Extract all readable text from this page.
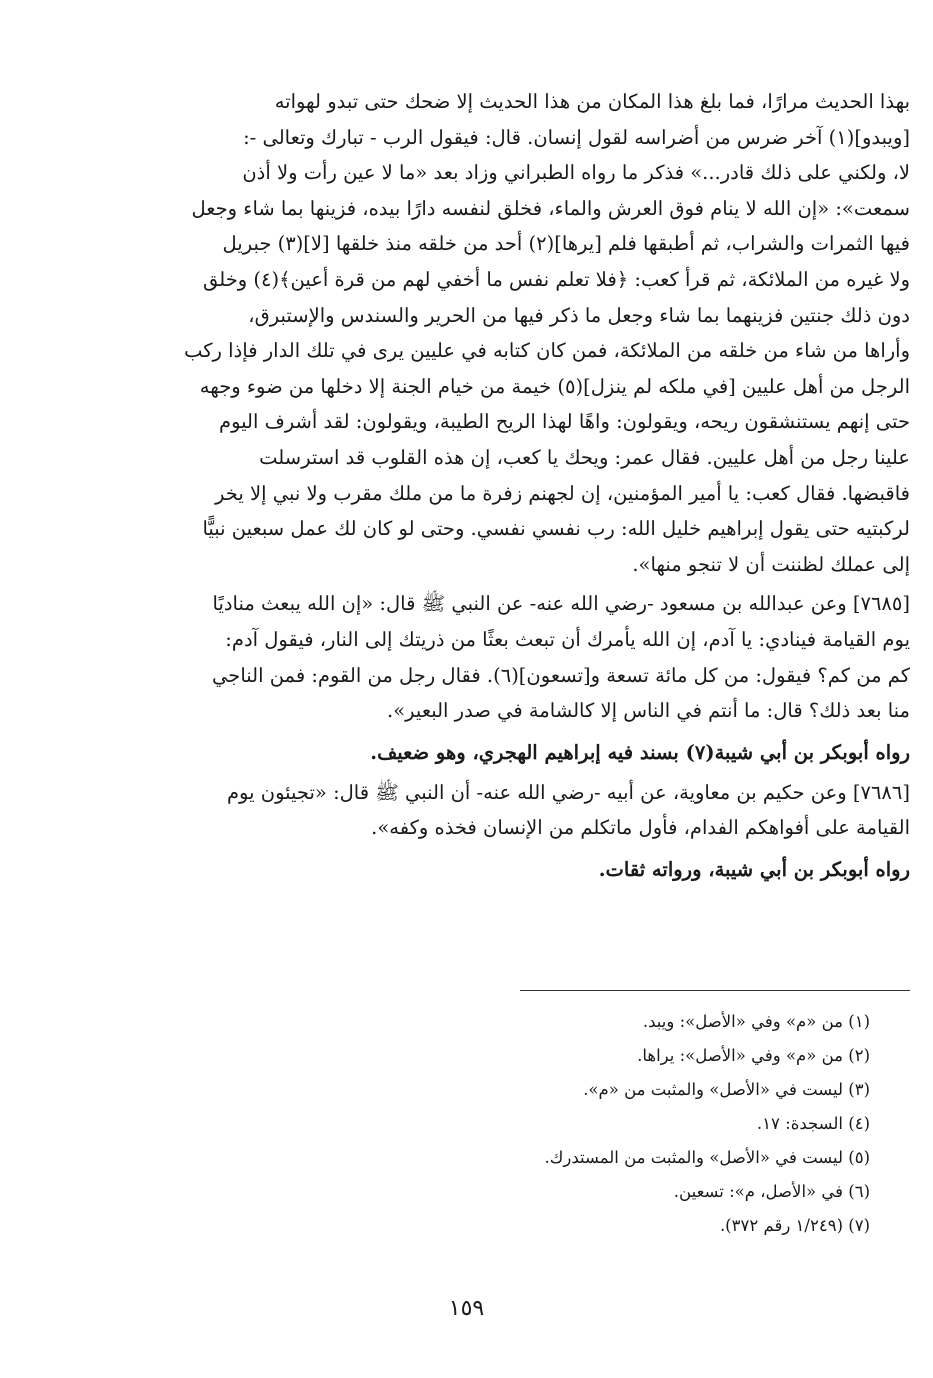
بهذا الحديث مرارًا، فما بلغ هذا المكان من هذا الحديث إلا ضحك حتى تبدو لهواته

[ويبدو](١) آخر ضرس من أضراسه لقول إنسان. قال: فيقول الرب - تبارك وتعالى -:

لا، ولكني على ذلك قادر...» فذكر ما رواه الطبراني وزاد بعد «ما لا عين رأت ولا أذن

سمعت»: «إن الله لا ينام فوق العرش والماء، فخلق لنفسه دارًا بيده، فزينها بما شاء وجعل

فيها الثمرات والشراب، ثم أطبقها فلم [يرها](٢) أحد من خلقه منذ خلقها [لا](٣) جبريل

ولا غيره من الملائكة، ثم قرأ كعب: ﴿فلا تعلم نفس ما أخفي لهم من قرة أعين﴾(٤) وخلق

دون ذلك جنتين فزينهما بما شاء وجعل ما ذكر فيها من الحرير والسندس والإستبرق،

وأراها من شاء من خلقه من الملائكة، فمن كان كتابه في عليين يرى في تلك الدار فإذا ركب

الرجل من أهل عليين [في ملكه لم ينزل](٥) خيمة من خيام الجنة إلا دخلها من ضوء وجهه

حتى إنهم يستنشقون ريحه، ويقولون: واهًا لهذا الريح الطيبة، ويقولون: لقد أشرف اليوم

علينا رجل من أهل عليين. فقال عمر: ويحك يا كعب، إن هذه القلوب قد استرسلت

فاقبضها. فقال كعب: يا أمير المؤمنين، إن لجهنم زفرة ما من ملك مقرب ولا نبي إلا يخر

لركبتيه حتى يقول إبراهيم خليل الله: رب نفسي نفسي. وحتى لو كان لك عمل سبعين نبيًّا

إلى عملك لظننت أن لا تنجو منها».

[٧٦٨٥] وعن عبدالله بن مسعود -رضي الله عنه- عن النبي ﷺ قال: «إن الله يبعث مناديًا

يوم القيامة فينادي: يا آدم، إن الله يأمرك أن تبعث بعثًا من ذريتك إلى النار، فيقول آدم:

كم من كم؟ فيقول: من كل مائة تسعة و[تسعون](٦). فقال رجل من القوم: فمن الناجي

منا بعد ذلك؟ قال: ما أنتم في الناس إلا كالشامة في صدر البعير».

رواه أبوبكر بن أبي شيبة(٧) بسند فيه إبراهيم الهجري، وهو ضعيف.

[٧٦٨٦] وعن حكيم بن معاوية، عن أبيه -رضي الله عنه- أن النبي ﷺ قال: «تجيئون يوم

القيامة على أفواهكم الفدام، فأول ماتكلم من الإنسان فخذه وكفه».

رواه أبوبكر بن أبي شيبة، ورواته ثقات.

(١) من «م» وفي «الأصل»: ويبد.

(٢) من «م» وفي «الأصل»: يراها.

(٣) ليست في «الأصل» والمثبت من «م».

(٤) السجدة: ١٧.

(٥) ليست في «الأصل» والمثبت من المستدرك.

(٦) في «الأصل، م»: تسعين.

(٧) (١/٢٤٩ رقم ٣٧٢).

١٥٩
